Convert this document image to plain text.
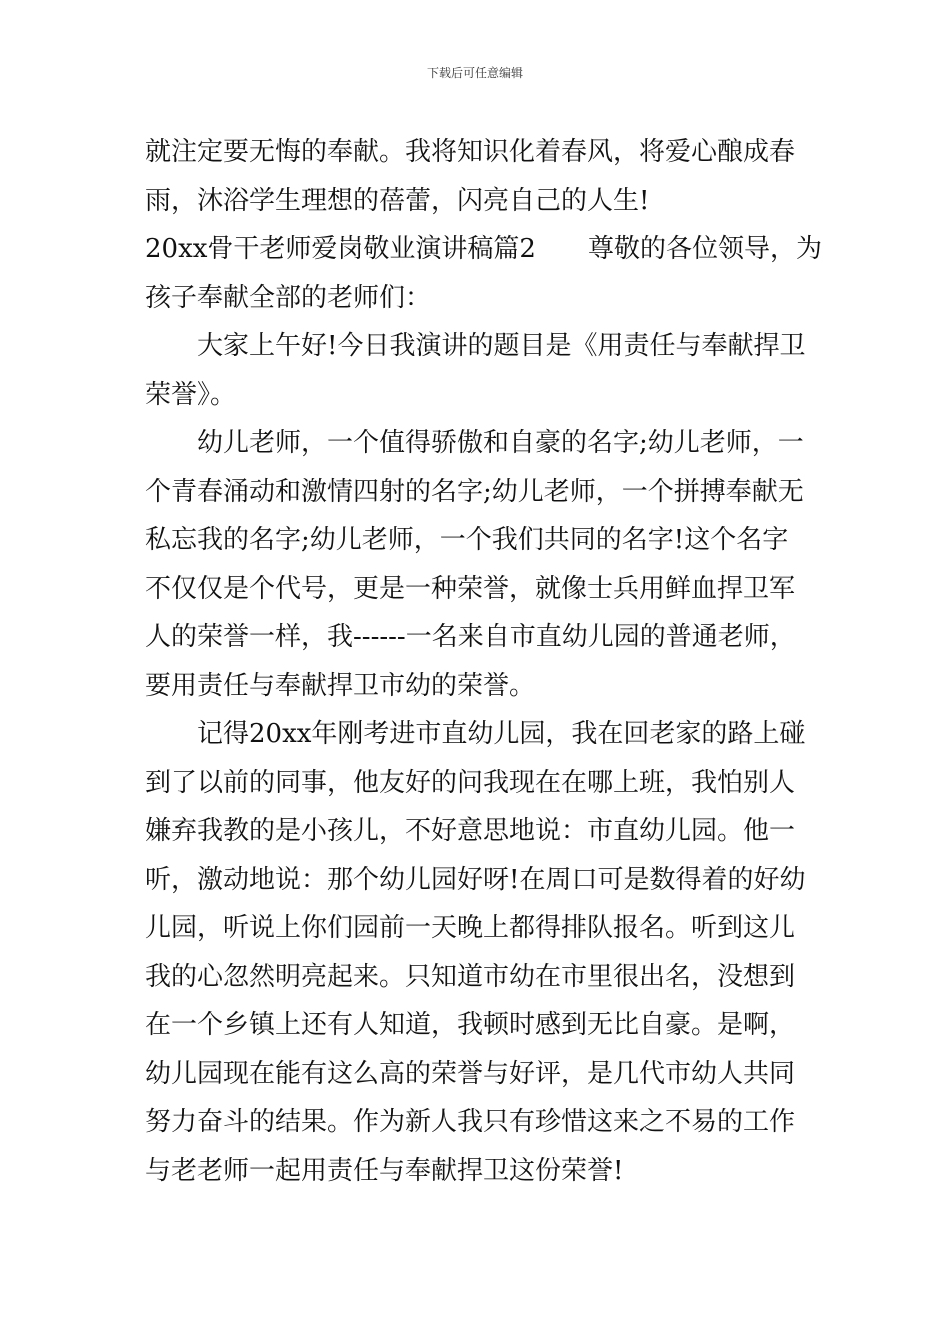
下载后可任意编辑
就注定要无悔的奉献。我将知识化着春风，将爱心酿成春
雨，沐浴学生理想的蓓蕾，闪亮自己的人生!
20xx骨干老师爱岗敬业演讲稿篇2　　尊敬的各位领导，为
孩子奉献全部的老师们：
大家上午好!今日我演讲的题目是《用责任与奉献捍卫
荣誉》。
幼儿老师，一个值得骄傲和自豪的名字;幼儿老师，一
个青春涌动和激情四射的名字;幼儿老师，一个拼搏奉献无
私忘我的名字;幼儿老师，一个我们共同的名字!这个名字
不仅仅是个代号，更是一种荣誉，就像士兵用鲜血捍卫军
人的荣誉一样，我------一名来自市直幼儿园的普通老师，
要用责任与奉献捍卫市幼的荣誉。
记得20xx年刚考进市直幼儿园，我在回老家的路上碰
到了以前的同事，他友好的问我现在在哪上班，我怕别人
嫌弃我教的是小孩儿，不好意思地说：市直幼儿园。他一
听，激动地说：那个幼儿园好呀!在周口可是数得着的好幼
儿园，听说上你们园前一天晚上都得排队报名。听到这儿
我的心忽然明亮起来。只知道市幼在市里很出名，没想到
在一个乡镇上还有人知道，我顿时感到无比自豪。是啊，
幼儿园现在能有这么高的荣誉与好评，是几代市幼人共同
努力奋斗的结果。作为新人我只有珍惜这来之不易的工作
与老老师一起用责任与奉献捍卫这份荣誉!
